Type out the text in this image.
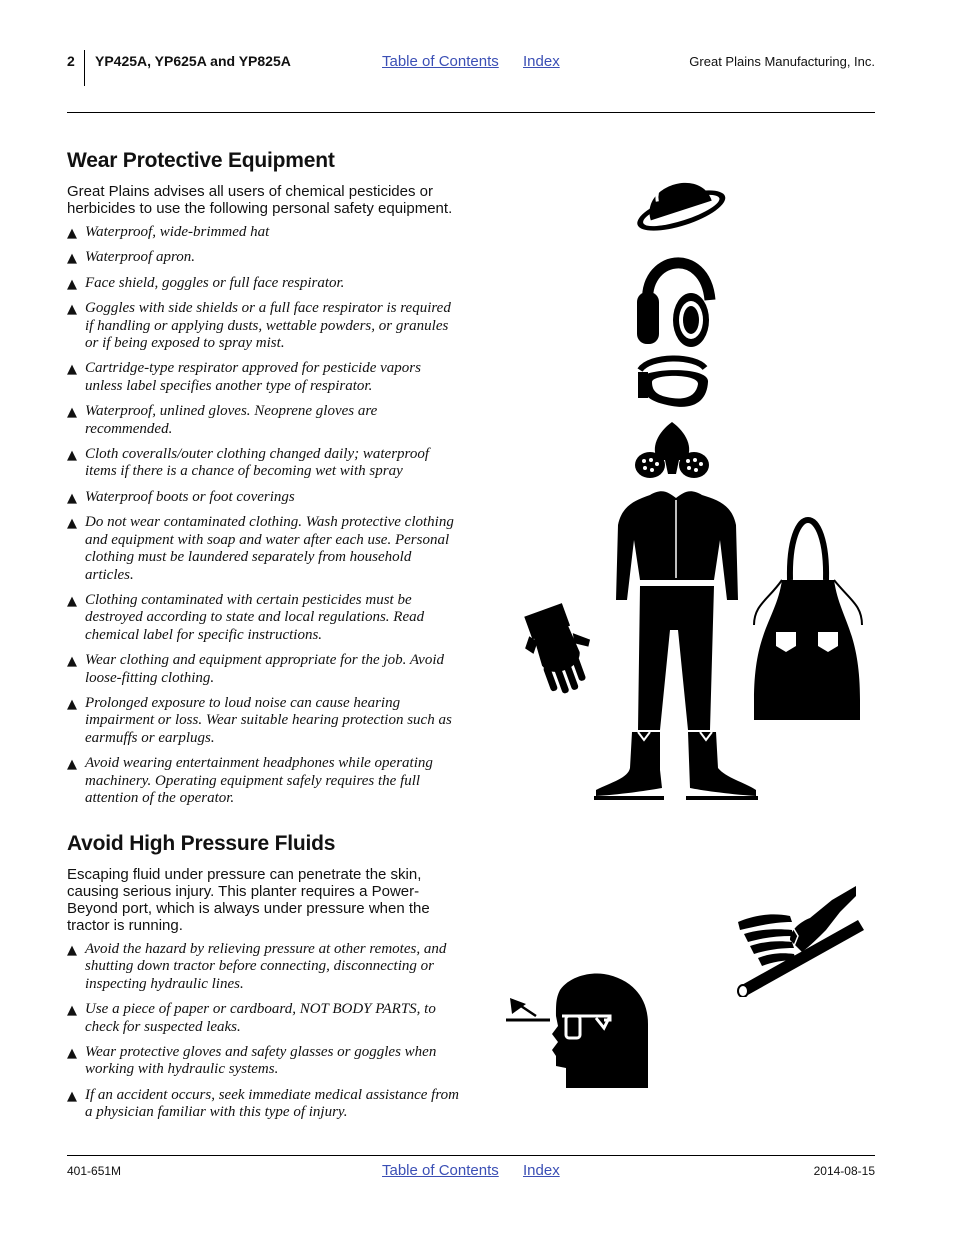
2 YP425A, YP625A and YP825A	Table of Contents Index	Great Plains Manufacturing, Inc.
Wear Protective Equipment
Great Plains advises all users of chemical pesticides or herbicides to use the following personal safety equipment.
▲ Waterproof, wide-brimmed hat
▲ Waterproof apron.
▲ Face shield, goggles or full face respirator.
▲ Goggles with side shields or a full face respirator is required if handling or applying dusts, wettable powders, or granules or if being exposed to spray mist.
▲ Cartridge-type respirator approved for pesticide vapors unless label specifies another type of respirator.
▲ Waterproof, unlined gloves. Neoprene gloves are recommended.
▲ Cloth coveralls/outer clothing changed daily; waterproof items if there is a chance of becoming wet with spray
▲ Waterproof boots or foot coverings
▲ Do not wear contaminated clothing. Wash protective clothing and equipment with soap and water after each use. Personal clothing must be laundered separately from household articles.
▲ Clothing contaminated with certain pesticides must be destroyed according to state and local regulations. Read chemical label for specific instructions.
▲ Wear clothing and equipment appropriate for the job. Avoid loose-fitting clothing.
▲ Prolonged exposure to loud noise can cause hearing impairment or loss. Wear suitable hearing protection such as earmuffs or earplugs.
▲ Avoid wearing entertainment headphones while operating machinery. Operating equipment safely requires the full attention of the operator.
Avoid High Pressure Fluids
Escaping fluid under pressure can penetrate the skin, causing serious injury. This planter requires a Power-Beyond port, which is always under pressure when the tractor is running.
▲ Avoid the hazard by relieving pressure at other remotes, and shutting down tractor before connecting, disconnecting or inspecting hydraulic lines.
▲ Use a piece of paper or cardboard, NOT BODY PARTS, to check for suspected leaks.
▲ Wear protective gloves and safety glasses or goggles when working with hydraulic systems.
▲ If an accident occurs, seek immediate medical assistance from a physician familiar with this type of injury.
401-651M	Table of Contents Index	2014-08-15
